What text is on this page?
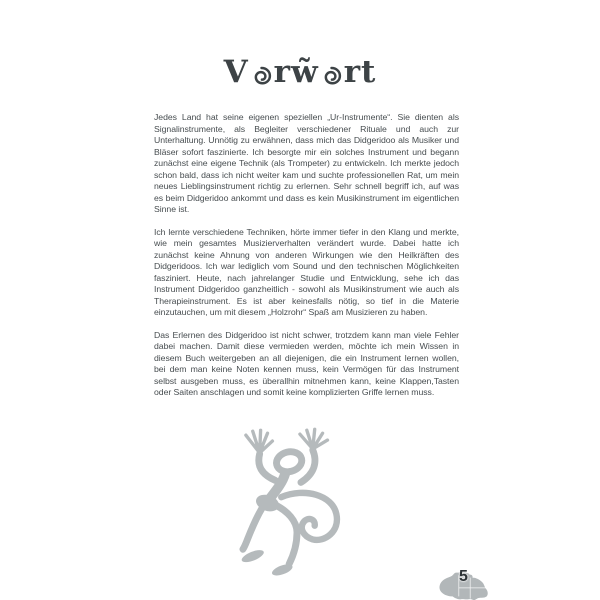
V r w̃ r t

Jedes Land hat seine eigenen speziellen „Ur-Instrumente“. Sie dienten als Signalinstrumente, als Begleiter verschiedener Rituale und auch zur Unterhaltung. Unnötig zu erwähnen, dass mich das Didgeridoo als Musiker und Bläser sofort faszinierte. Ich besorgte mir ein solches Instrument und begann zunächst eine eigene Technik (als Trompeter) zu entwickeln. Ich merkte jedoch schon bald, dass ich nicht weiter kam und suchte professionellen Rat, um mein neues Lieblingsinstrument richtig zu erlernen. Sehr schnell begriff ich, auf was es beim Didgeridoo ankommt und dass es kein Musikinstrument im eigentlichen Sinne ist.

Ich lernte verschiedene Techniken, hörte immer tiefer in den Klang und merkte, wie mein gesamtes Musizierverhalten verändert wurde. Dabei hatte ich zunächst keine Ahnung von anderen Wirkungen wie den Heilkräften des Didgeridoos. Ich war lediglich vom Sound und den technischen Möglichkeiten fasziniert. Heute, nach jahrelanger Studie und Entwicklung, sehe ich das Instrument Didgeridoo ganzheitlich - sowohl als Musikinstrument wie auch als Therapieinstrument. Es ist aber keinesfalls nötig, so tief in die Materie einzutauchen, um mit diesem „Holzrohr“ Spaß am Musizieren zu haben.

Das Erlernen des Didgeridoo ist nicht schwer, trotzdem kann man viele Fehler dabei machen. Damit diese vermieden werden, möchte ich mein Wissen in diesem Buch weitergeben an all diejenigen, die ein Instrument lernen wollen, bei dem man keine Noten kennen muss, kein Vermögen für das Instrument selbst ausgeben muss, es überallhin mitnehmen kann, keine Klappen,Tasten oder Saiten anschlagen und somit keine komplizierten Griffe lernen muss.

5
